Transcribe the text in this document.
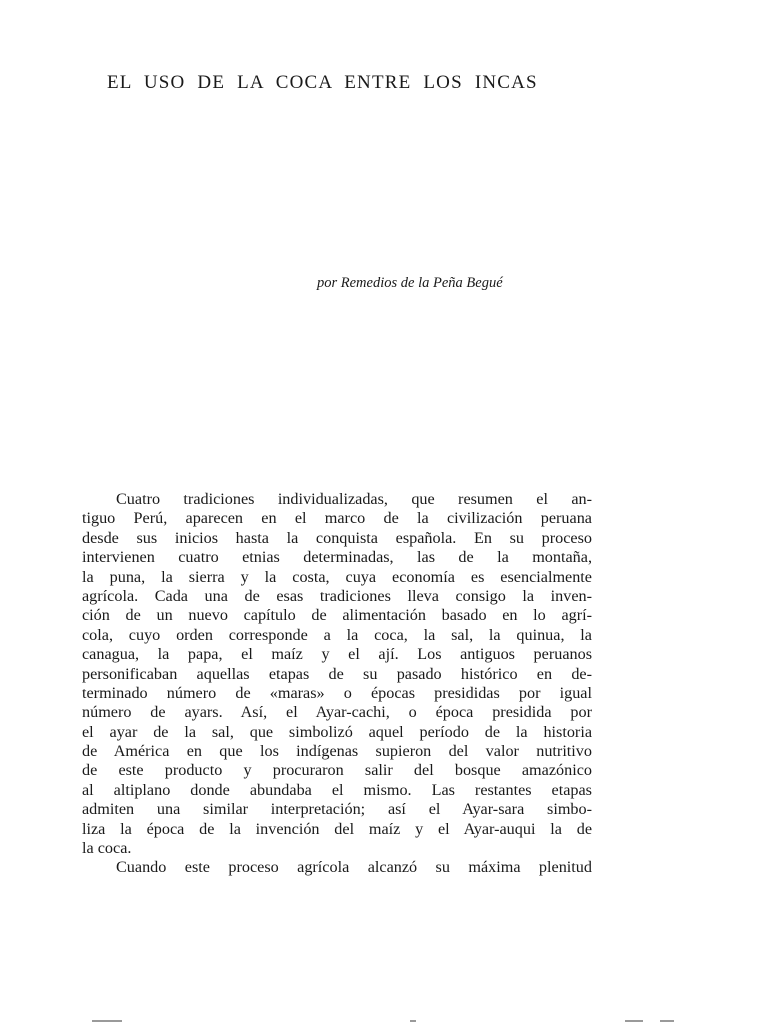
EL USO DE LA COCA ENTRE LOS INCAS

por Remedios de la Peña Begué

Cuatro tradiciones individualizadas, que resumen el an-
tiguo Perú, aparecen en el marco de la civilización peruana
desde sus inicios hasta la conquista española. En su proceso
intervienen cuatro etnias determinadas, las de la montaña,
la puna, la sierra y la costa, cuya economía es esencialmente
agrícola. Cada una de esas tradiciones lleva consigo la inven-
ción de un nuevo capítulo de alimentación basado en lo agrí-
cola, cuyo orden corresponde a la coca, la sal, la quinua, la
canagua, la papa, el maíz y el ají. Los antiguos peruanos
personificaban aquellas etapas de su pasado histórico en de-
terminado número de «maras» o épocas presididas por igual
número de ayars. Así, el Ayar-cachi, o época presidida por
el ayar de la sal, que simbolizó aquel período de la historia
de América en que los indígenas supieron del valor nutritivo
de este producto y procuraron salir del bosque amazónico
al altiplano donde abundaba el mismo. Las restantes etapas
admiten una similar interpretación; así el Ayar-sara simbo-
liza la época de la invención del maíz y el Ayar-auqui la de
la coca.
Cuando este proceso agrícola alcanzó su máxima plenitud
